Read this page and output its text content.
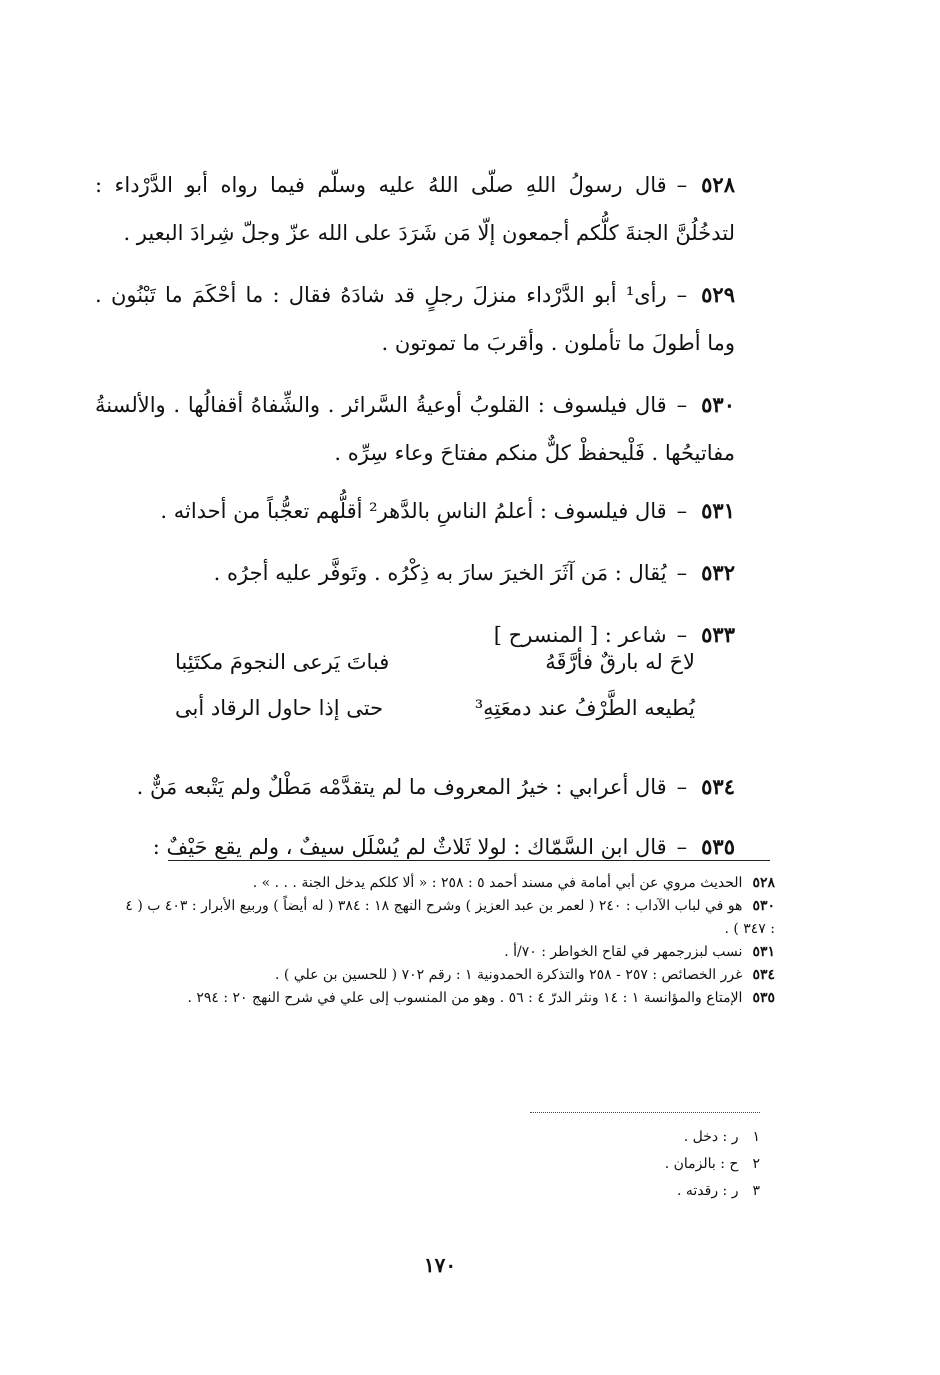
٥٢٨–قال رسولُ اللهِ صلّى اللهُ عليه وسلّم فيما رواه أبو الدَّرْداء : لتدخُلُنَّ الجنةَ كلُّكم أجمعون إلّا مَن شَرَدَ على الله عزّ وجلّ شِرادَ البعير .

٥٢٩–رأى¹ أبو الدَّرْداء منزلَ رجلٍ قد شادَهُ فقال : ما أحْكَمَ ما تَبْنُون . وما أطولَ ما تأملون . وأقربَ ما تموتون .

٥٣٠–قال فيلسوف : القلوبُ أوعيةُ السَّرائر . والشِّفاهُ أقفالُها . والألسنةُ مفاتيحُها . فَلْيحفظْ كلٌّ منكم مفتاحَ وعاء سِرِّه .

٥٣١–قال فيلسوف : أعلمُ الناسِ بالدَّهر² أقلُّهم تعجُّباً من أحداثه .

٥٣٢–يُقال : مَن آثَرَ الخيرَ سارَ به ذِكْرُه . وتَوفَّر عليه أجرُه .

٥٣٣–شاعر : [ المنسرح ]

لاحَ له بارقٌ فأرَّقَهُ
فباتَ يَرعى النجومَ مكتَئِبا
يُطيعه الطَّرْفُ عند دمعَتِهِ³
حتى إذا حاول الرقاد أبى

٥٣٤–قال أعرابي : خيرُ المعروف ما لم يتقدَّمْه مَطْلٌ ولم يَتْبعه مَنٌّ .

٥٣٥–قال ابن السَّمّاك : لولا ثَلاثٌ لم يُسْلَل سيفٌ ، ولم يقع حَيْفٌ :

٥٢٨الحديث مروي عن أبي أمامة في مسند أحمد ٥ : ٢٥٨ : « ألا كلكم يدخل الجنة . . . » .

٥٣٠هو في لباب الآداب : ٢٤٠ ( لعمر بن عبد العزيز ) وشرح النهج ١٨ : ٣٨٤ ( له أيضاً ) وربيع الأبرار : ٤٠٣ ب ( ٤ : ٣٤٧ ) .

٥٣١نسب لبزرجمهر في لقاح الخواطر : ٧٠/أ .

٥٣٤غرر الخصائص : ٢٥٧ - ٢٥٨ والتذكرة الحمدونية ١ : رقم ٧٠٢ ( للحسين بن علي ) .

٥٣٥الإمتاع والمؤانسة ١ : ١٤ ونثر الدرّ ٤ : ٥٦ . وهو من المنسوب إلى علي في شرح النهج ٢٠ : ٢٩٤ .

١ر : دخل .
٢ح : بالزمان .
٣ر : رقدته .
١٧٠
